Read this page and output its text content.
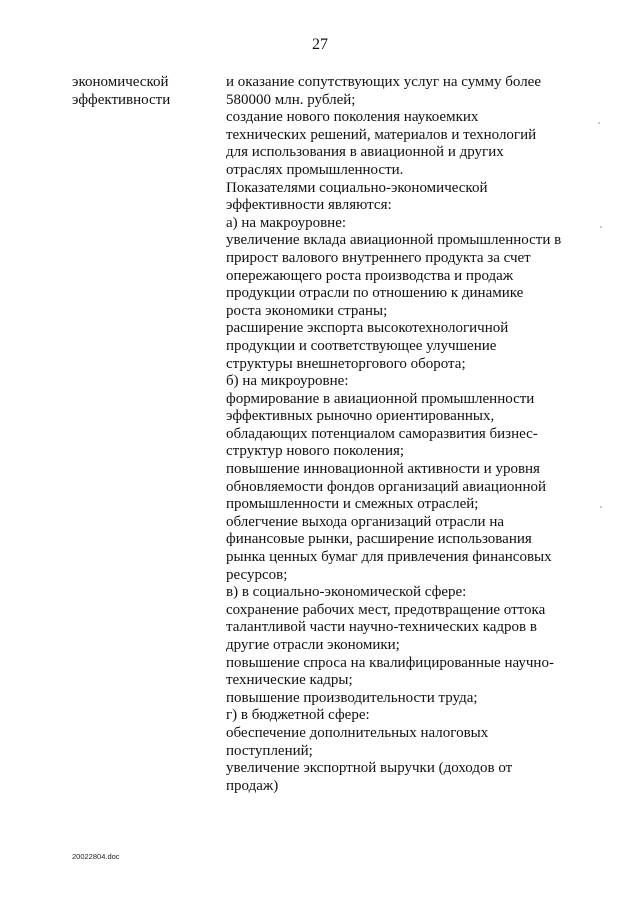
27
экономической
эффективности
и оказание сопутствующих услуг на сумму более
580000 млн. рублей;
создание нового поколения наукоемких
технических решений, материалов и технологий
для использования в авиационной и других
отраслях промышленности.
Показателями социально-экономической
эффективности являются:
а) на макроуровне:
увеличение вклада авиационной промышленности в
прирост валового внутреннего продукта за счет
опережающего роста производства и продаж
продукции отрасли по отношению к динамике
роста экономики страны;
расширение экспорта высокотехнологичной
продукции и соответствующее улучшение
структуры внешнеторгового оборота;
б) на микроуровне:
формирование в авиационной промышленности
эффективных рыночно ориентированных,
обладающих потенциалом саморазвития бизнес-
структур нового поколения;
повышение инновационной активности и уровня
обновляемости фондов организаций авиационной
промышленности и смежных отраслей;
облегчение выхода организаций отрасли на
финансовые рынки, расширение использования
рынка ценных бумаг для привлечения финансовых
ресурсов;
в) в социально-экономической сфере:
сохранение рабочих мест, предотвращение оттока
талантливой части научно-технических кадров в
другие отрасли экономики;
повышение спроса на квалифицированные научно-
технические кадры;
повышение производительности труда;
г) в бюджетной сфере:
обеспечение дополнительных налоговых
поступлений;
увеличение экспортной выручки (доходов от
продаж)
20022804.doc
